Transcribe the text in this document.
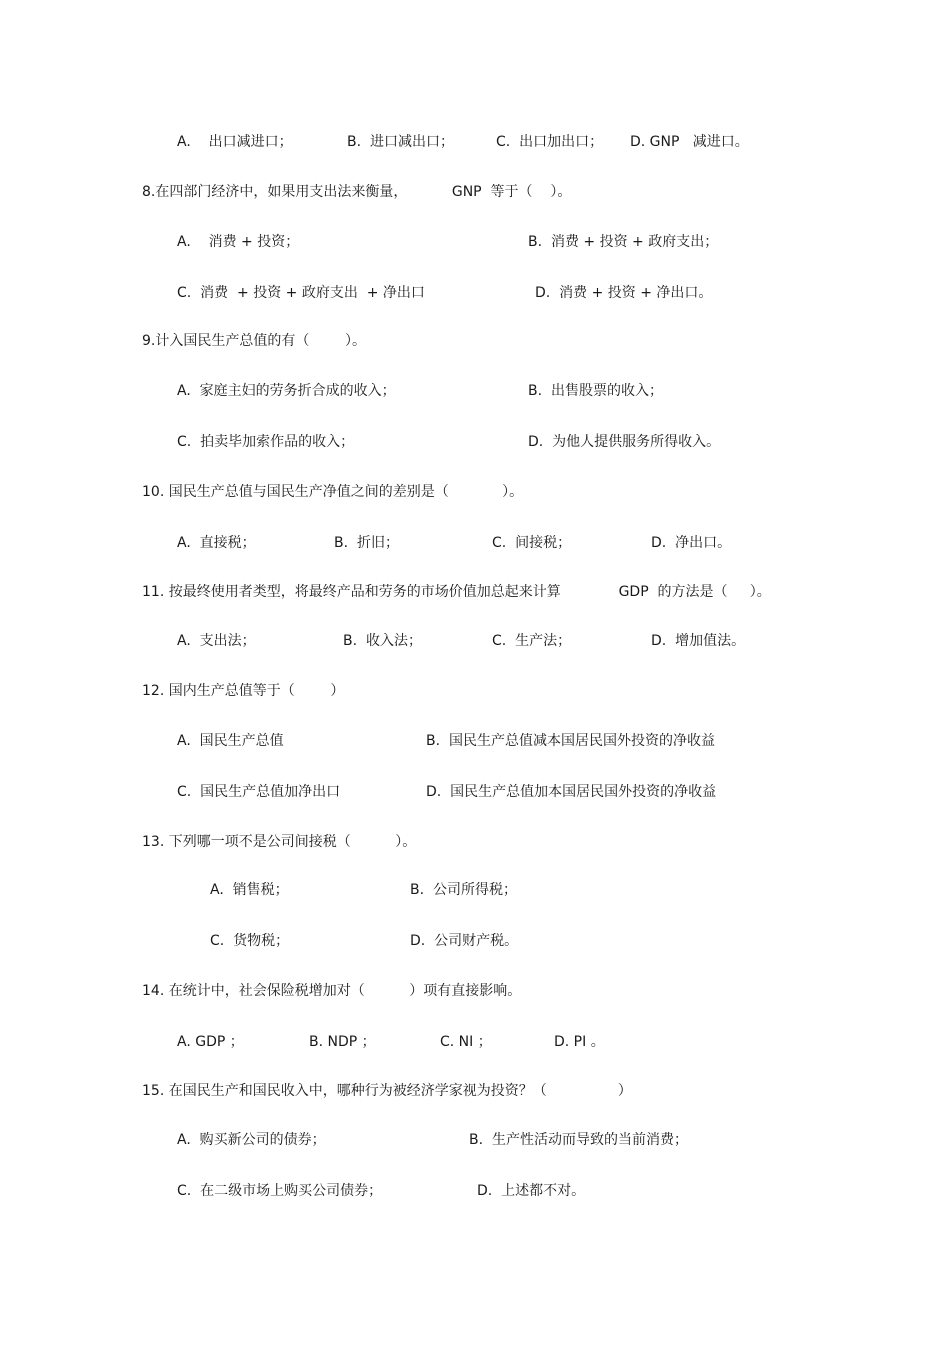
A.    出口减进口；	B.  进口减出口；	C.  出口加出口； D. GNP   减进口。
8.在四部门经济中，如果用支出法来衡量，          GNP  等于（    ）。
A.    消费 + 投资；	B.  消费 + 投资 + 政府支出；
C.  消费  + 投资 + 政府支出  + 净出口	D.  消费 + 投资 + 净出口。
9.计入国民生产总值的有（        ）。
A.  家庭主妇的劳务折合成的收入；	B.  出售股票的收入；
C.  拍卖毕加索作品的收入；	D.  为他人提供服务所得收入。
10. 国民生产总值与国民生产净值之间的差别是（            ）。
A.  直接税；	B.  折旧；	C.  间接税；	D.  净出口。
11. 按最终使用者类型，将最终产品和劳务的市场价值加总起来计算             GDP  的方法是（     ）。
A.  支出法；	B.  收入法；	C.  生产法；	D.  增加值法。
12. 国内生产总值等于（        ）
A.  国民生产总值	B.  国民生产总值减本国居民国外投资的净收益
C.  国民生产总值加净出口	D.  国民生产总值加本国居民国外投资的净收益
13. 下列哪一项不是公司间接税（          ）。
A.  销售税；	B.  公司所得税；
C.  货物税；	D.  公司财产税。
14. 在统计中，社会保险税增加对（          ）项有直接影响。
A. GDP ；	B. NDP ；	C. NI ；	D. PI 。
15. 在国民生产和国民收入中，哪种行为被经济学家视为投资？（                ）
A.  购买新公司的债券；	B.  生产性活动而导致的当前消费；
C.  在二级市场上购买公司债券；	D.  上述都不对。
